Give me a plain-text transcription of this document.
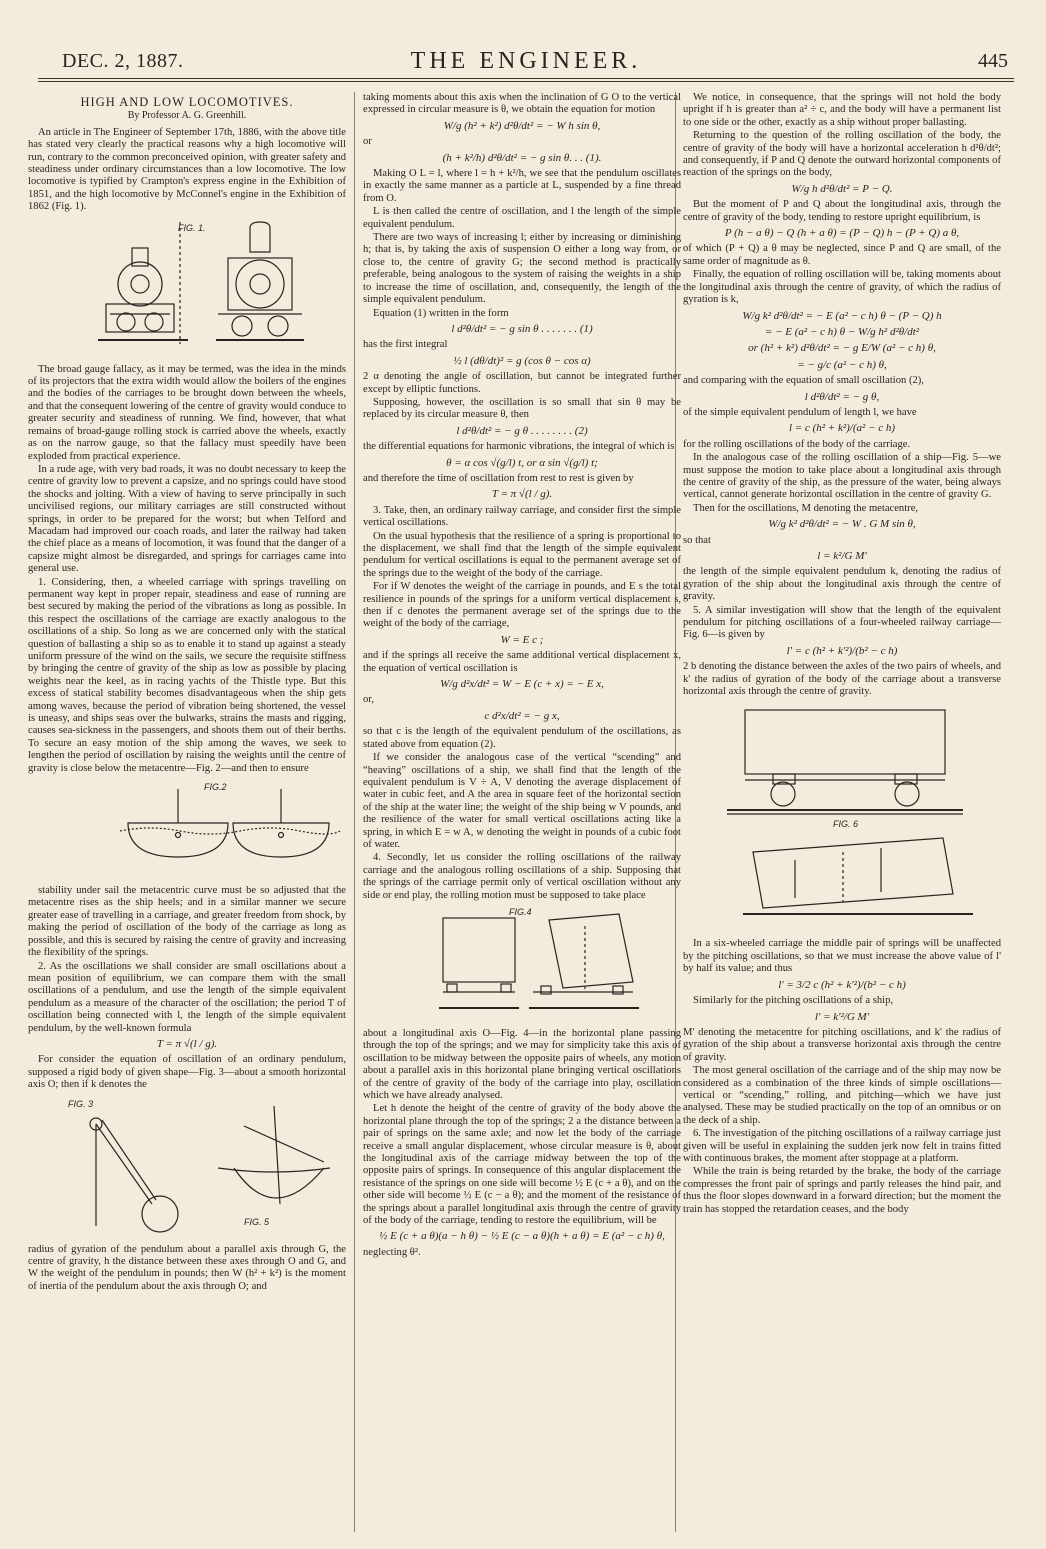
DEC. 2, 1887.	THE ENGINEER.	445
HIGH AND LOW LOCOMOTIVES.
By Professor A. G. Greenhill.

An article in The Engineer of September 17th, 1886, with the above title has stated very clearly the practical reasons why a high locomotive will run, contrary to the common preconceived opinion, with greater safety and steadiness under ordinary circumstances than a low locomotive. The low locomotive is typified by Crampton's express engine in the Exhibition of 1851, and the high locomotive by McConnel's engine in the Exhibition of 1862 (Fig. 1).

FIG. 1.

The broad gauge fallacy, as it may be termed, was the idea in the minds of its projectors that the extra width would allow the boilers of the engines and the bodies of the carriages to be brought down between the wheels, and that the consequent lowering of the centre of gravity would conduce to greater security and steadiness of running. We find, however, that what remains of broad-gauge rolling stock is carried above the wheels, exactly as on the narrow gauge, so that the fallacy must speedily have been exploded from practical experience.

In a rude age, with very bad roads, it was no doubt necessary to keep the centre of gravity low to prevent a capsize, and no springs could have stood the shocks and jolting. With a view of having to serve principally in such uncivilised regions, our military carriages are still constructed without springs, in order to be prepared for the worst; but when Telford and Macadam had improved our coach roads, and later the railway had taken the chief place as a means of locomotion, it was found that the danger of a capsize might almost be disregarded, and springs for carriages came into general use.

1. Considering, then, a wheeled carriage with springs travelling on permanent way kept in proper repair, steadiness and ease of running are best secured by making the period of the vibrations as long as possible. In this respect the oscillations of the carriage are exactly analogous to the oscillations of a ship. So long as we are concerned only with the statical question of ballasting a ship so as to enable it to stand up against a steady uniform pressure of the wind on the sails, we secure the requisite stiffness by bringing the centre of gravity of the ship as low as possible by placing weights near the keel, as in racing yachts of the Thistle type. But this excess of statical stability becomes disadvantageous when the ship gets among waves, because the period of vibration being shortened, the vessel is uneasy, and ships seas over the bulwarks, strains the masts and rigging, causes sea-sickness in the passengers, and shoots them out of their berths. To secure an easy motion of the ship among the waves, we seek to lengthen the period of oscillation by raising the weights until the centre of gravity is close below the metacentre—Fig. 2—and then to ensure

FIG.2

stability under sail the metacentric curve must be so adjusted that the metacentre rises as the ship heels; and in a similar manner we secure greater ease of travelling in a carriage, and greater freedom from shock, by making the period of oscillation of the body of the carriage as long as possible, and this is secured by raising the centre of gravity and increasing the flexibility of the springs.

2. As the oscillations we shall consider are small oscillations about a mean position of equilibrium, we can compare them with the small oscillations of a pendulum, and use the length of the simple equivalent pendulum as a measure of the character of the oscillation; the period T of oscillation being connected with l, the length of the simple equivalent pendulum, by the well-known formula

T = π √(l / g).

For consider the equation of oscillation of an ordinary pendulum, supposed a rigid body of given shape—Fig. 3—about a smooth horizontal axis O; then if k denotes the

FIG. 3
FIG. 5

radius of gyration of the pendulum about a parallel axis through G, the centre of gravity, h the distance between these axes through O and G, and W the weight of the pendulum in pounds; then W (h² + k²) is the moment of inertia of the pendulum about the axis through O; and

taking moments about this axis when the inclination of G O to the vertical expressed in circular measure is θ, we obtain the equation for motion

W/g (h² + k²) d²θ/dt² = − W h sin θ,

or

(h + k²/h) d²θ/dt² = − g sin θ. . . (1).

Making O L = l, where l = h + k²/h, we see that the pendulum oscillates in exactly the same manner as a particle at L, suspended by a fine thread from O.

L is then called the centre of oscillation, and l the length of the simple equivalent pendulum.

There are two ways of increasing l; either by increasing or diminishing h; that is, by taking the axis of suspension O either a long way from, or close to, the centre of gravity G; the second method is practically preferable, being analogous to the system of raising the weights in a ship to increase the time of oscillation, and, consequently, the length of the simple equivalent pendulum.

Equation (1) written in the form

l d²θ/dt² = − g sin θ . . . . . . . (1)

has the first integral

½ l (dθ/dt)² = g (cos θ − cos α)

2 α denoting the angle of oscillation, but cannot be integrated further except by elliptic functions.

Supposing, however, the oscillation is so small that sin θ may be replaced by its circular measure θ, then

l d²θ/dt² = − g θ . . . . . . . . (2)

the differential equations for harmonic vibrations, the integral of which is

θ = α cos √(g/l) t, or α sin √(g/l) t;

and therefore the time of oscillation from rest to rest is given by

T = π √(l / g).

3. Take, then, an ordinary railway carriage, and consider first the simple vertical oscillations.

On the usual hypothesis that the resilience of a spring is proportional to the displacement, we shall find that the length of the simple equivalent pendulum for vertical oscillations is equal to the permanent average set of the springs due to the weight of the body of the carriage.

For if W denotes the weight of the carriage in pounds, and E s the total resilience in pounds of the springs for a uniform vertical displacement s, then if c denotes the permanent average set of the springs due to the weight of the body of the carriage,

W = E c ;

and if the springs all receive the same additional vertical displacement x, the equation of vertical oscillation is

W/g d²x/dt² = W − E (c + x) = − E x,

or,

c d²x/dt² = − g x,

so that c is the length of the equivalent pendulum of the oscillations, as stated above from equation (2).

If we consider the analogous case of the vertical “scending” and “heaving” oscillations of a ship, we shall find that the length of the equivalent pendulum is V ÷ A, V denoting the average displacement of water in cubic feet, and A the area in square feet of the horizontal section of the ship at the water line; the weight of the ship being w V pounds, and the resilience of the water for small vertical oscillations acting like a spring, in which E = w A, w denoting the weight in pounds of a cubic foot of water.

4. Secondly, let us consider the rolling oscillations of the railway carriage and the analogous rolling oscillations of a ship. Supposing that the springs of the carriage permit only of vertical oscillation without any side or end play, the rolling motion must be supposed to take place

FIG.4

about a longitudinal axis O—Fig. 4—in the horizontal plane passing through the top of the springs; and we may for simplicity take this axis of oscillation to be midway between the opposite pairs of wheels, any motion about a parallel axis in this horizontal plane bringing vertical oscillations of the centre of gravity of the body of the carriage into play, oscillation which we have already analysed.

Let h denote the height of the centre of gravity of the body above the horizontal plane through the top of the springs; 2 a the distance between a pair of springs on the same axle; and now let the body of the carriage receive a small angular displacement, whose circular measure is θ, about the longitudinal axis of the carriage midway between the top of the opposite pairs of springs. In consequence of this angular displacement the resistance of the springs on one side will become ½ E (c + a θ), and on the other side will become ½ E (c − a θ); and the moment of the resistance of the springs about a parallel longitudinal axis through the centre of gravity of the body of the carriage, tending to restore the equilibrium, will be

½ E (c + a θ)(a − h θ) − ½ E (c − a θ)(h + a θ) = E (a² − c h) θ,

neglecting θ².

We notice, in consequence, that the springs will not hold the body upright if h is greater than a² ÷ c, and the body will have a permanent list to one side or the other, exactly as a ship without proper ballasting.

Returning to the question of the rolling oscillation of the body, the centre of gravity of the body will have a horizontal acceleration h d²θ/dt²; and consequently, if P and Q denote the outward horizontal components of reaction of the springs on the body,

W/g h d²θ/dt² = P − Q.

But the moment of P and Q about the longitudinal axis, through the centre of gravity of the body, tending to restore upright equilibrium, is

P (h − a θ) − Q (h + a θ) = (P − Q) h − (P + Q) a θ,

of which (P + Q) a θ may be neglected, since P and Q are small, of the same order of magnitude as θ.

Finally, the equation of rolling oscillation will be, taking moments about the longitudinal axis through the centre of gravity, of which the radius of gyration is k,

W/g k² d²θ/dt² = − E (a² − c h) θ − (P − Q) h
= − E (a² − c h) θ − W/g h² d²θ/dt²
or (h² + k²) d²θ/dt² = − g E/W (a² − c h) θ,
= − g/c (a² − c h) θ,

and comparing with the equation of small oscillation (2),

l d²θ/dt² = − g θ,

of the simple equivalent pendulum of length l, we have

l = c (h² + k²)/(a² − c h)

for the rolling oscillations of the body of the carriage.

In the analogous case of the rolling oscillation of a ship—Fig. 5—we must suppose the motion to take place about a longitudinal axis through the centre of gravity of the ship, as the pressure of the water, being always vertical, cannot generate horizontal oscillation in the centre of gravity G.

Then for the oscillations, M denoting the metacentre,

W/g k² d²θ/dt² = − W . G M sin θ,

so that

l = k²/G M'

the length of the simple equivalent pendulum k, denoting the radius of gyration of the ship about the longitudinal axis through the centre of gravity.

5. A similar investigation will show that the length of the equivalent pendulum for pitching oscillations of a four-wheeled railway carriage—Fig. 6—is given by

l' = c (h² + k'²)/(b² − c h)

2 b denoting the distance between the axles of the two pairs of wheels, and k' the radius of gyration of the body of the carriage about a transverse horizontal axis through the centre of gravity.

FIG. 6

In a six-wheeled carriage the middle pair of springs will be unaffected by the pitching oscillations, so that we must increase the above value of l' by half its value; and thus

l' = 3/2 c (h² + k'²)/(b² − c h)

Similarly for the pitching oscillations of a ship,

l' = k'²/G M'

M' denoting the metacentre for pitching oscillations, and k' the radius of gyration of the ship about a transverse horizontal axis through the centre of gravity.

The most general oscillation of the carriage and of the ship may now be considered as a combination of the three kinds of simple oscillations—vertical or “scending,” rolling, and pitching—which we have just analysed. These may be studied practically on the top of an omnibus or on the deck of a ship.

6. The investigation of the pitching oscillations of a railway carriage just given will be useful in explaining the sudden jerk now felt in trains fitted with continuous brakes, the moment after stoppage at a platform.

While the train is being retarded by the brake, the body of the carriage compresses the front pair of springs and partly releases the hind pair, and thus the floor slopes downward in a forward direction; but the moment the train has stopped the retardation ceases, and the body
